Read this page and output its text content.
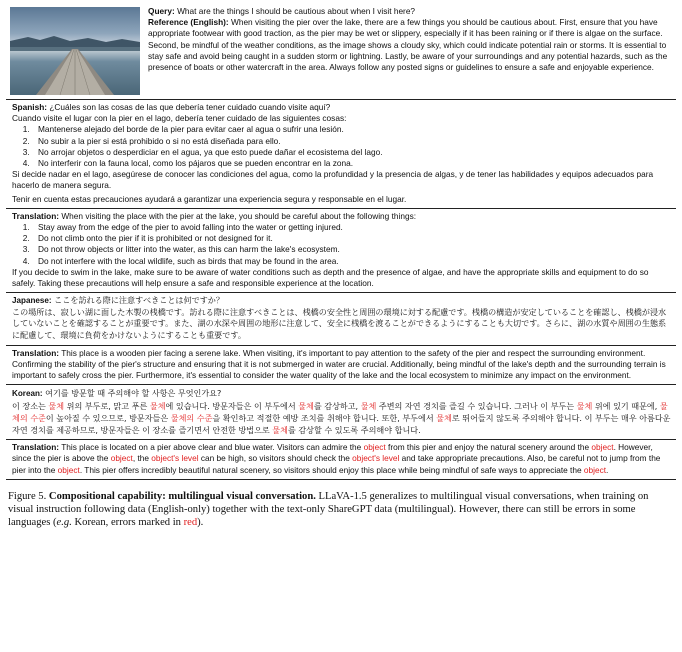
Query: What are the things I should be cautious about when I visit here?
Reference (English): When visiting the pier over the lake, there are a few things you should be cautious about. First, ensure that you have appropriate footwear with good traction, as the pier may be wet or slippery, especially if it has been raining or if there is algae on the surface. Second, be mindful of the weather conditions, as the image shows a cloudy sky, which could indicate potential rain or storms. It is essential to stay safe and avoid being caught in a sudden storm or lightning. Lastly, be aware of your surroundings and any potential hazards, such as the presence of boats or other watercraft in the area. Always follow any posted signs or guidelines to ensure a safe and enjoyable experience.
Spanish: ¿Cuáles son las cosas de las que debería tener cuidado cuando visite aquí?
Cuando visite el lugar con la pier en el lago, debería tener cuidado de las siguientes cosas:
1. Mantenerse alejado del borde de la pier para evitar caer al agua o sufrir una lesión.
2. No subir a la pier si está prohibido o si no está diseñada para ello.
3. No arrojar objetos o desperdiciar en el agua, ya que esto puede dañar el ecosistema del lago.
4. No interferir con la fauna local, como los pájaros que se pueden encontrar en la zona.
Si decide nadar en el lago, asegúrese de conocer las condiciones del agua, como la profundidad y la presencia de algas, y de tener las habilidades y equipos adecuados para hacerlo de manera segura.
Tenir en cuenta estas precauciones ayudará a garantizar una experiencia segura y responsable en el lugar.
Translation: When visiting the place with the pier at the lake, you should be careful about the following things:
1. Stay away from the edge of the pier to avoid falling into the water or getting injured.
2. Do not climb onto the pier if it is prohibited or not designed for it.
3. Do not throw objects or litter into the water, as this can harm the lake's ecosystem.
4. Do not interfere with the local wildlife, such as birds that may be found in the area.
If you decide to swim in the lake, make sure to be aware of water conditions such as depth and the presence of algae, and have the appropriate skills and equipment to do so safely. Taking these precautions will help ensure a safe and responsible experience at the location.
Japanese: ここを訪れる際に注意すべきことは何ですか？
この場所は、寂しい湖に面した木製の桟橋です。訪れる際に注意すべきことは、桟橋の安全性と周囲の環境に対する配慮です。桟橋の構造が安定していることを確認し、桟橋が浸水していないことを確認することが重要です。また、湖の水深や周囲の地形に注意して、安全に桟橋を渡ることができるようにすることも大切です。さらに、湖の水質や周囲の生態系に配慮して、環境に負荷をかけないようにすることも重要です。
Translation: This place is a wooden pier facing a serene lake. When visiting, it's important to pay attention to the safety of the pier and respect the surrounding environment. Confirming the stability of the pier's structure and ensuring that it is not submerged in water are crucial. Additionally, being mindful of the lake's depth and the surrounding terrain is important to safely cross the pier. Furthermore, it's essential to consider the water quality of the lake and the local ecosystem to minimize any impact on the environment.
Korean: 여기를 방문할 때 주의해야 할 사항은 무엇인가요?
이 장소는 물체 위의 부두로, 맑고 푸른 물체에 있습니다. 방문자들은 이 부두에서 물체를 감상하고, 물체 주변의 자연 경치를 즐길 수 있습니다. 그러나 이 부두는 물체 위에 있기 때문에, 물체의 수준이 높아질 수 있으므로, 방문자들은 물체의 수준을 확인하고 적절한 예방 조치를 취해야 합니다. 또한, 부두에서 물체로 뛰어들지 않도록 주의해야 합니다. 이 부두는 매우 아름다운 자연 경치를 제공하므로, 방문자들은 이 장소를 즐기면서 안전한 방법으로 물체를 감상할 수 있도록 주의해야 합니다.
Translation: This place is located on a pier above clear and blue water. Visitors can admire the object from this pier and enjoy the natural scenery around the object. However, since the pier is above the object, the object's level can be high, so visitors should check the object's level and take appropriate precautions. Also, be careful not to jump from the pier into the object. This pier offers incredibly beautiful natural scenery, so visitors should enjoy this place while being mindful of safe ways to appreciate the object.
Figure 5. Compositional capability: multilingual visual conversation. LLaVA-1.5 generalizes to multilingual visual conversations, when training on visual instruction following data (English-only) together with the text-only ShareGPT data (multilingual). However, there can still be errors in some languages (e.g. Korean, errors marked in red).
